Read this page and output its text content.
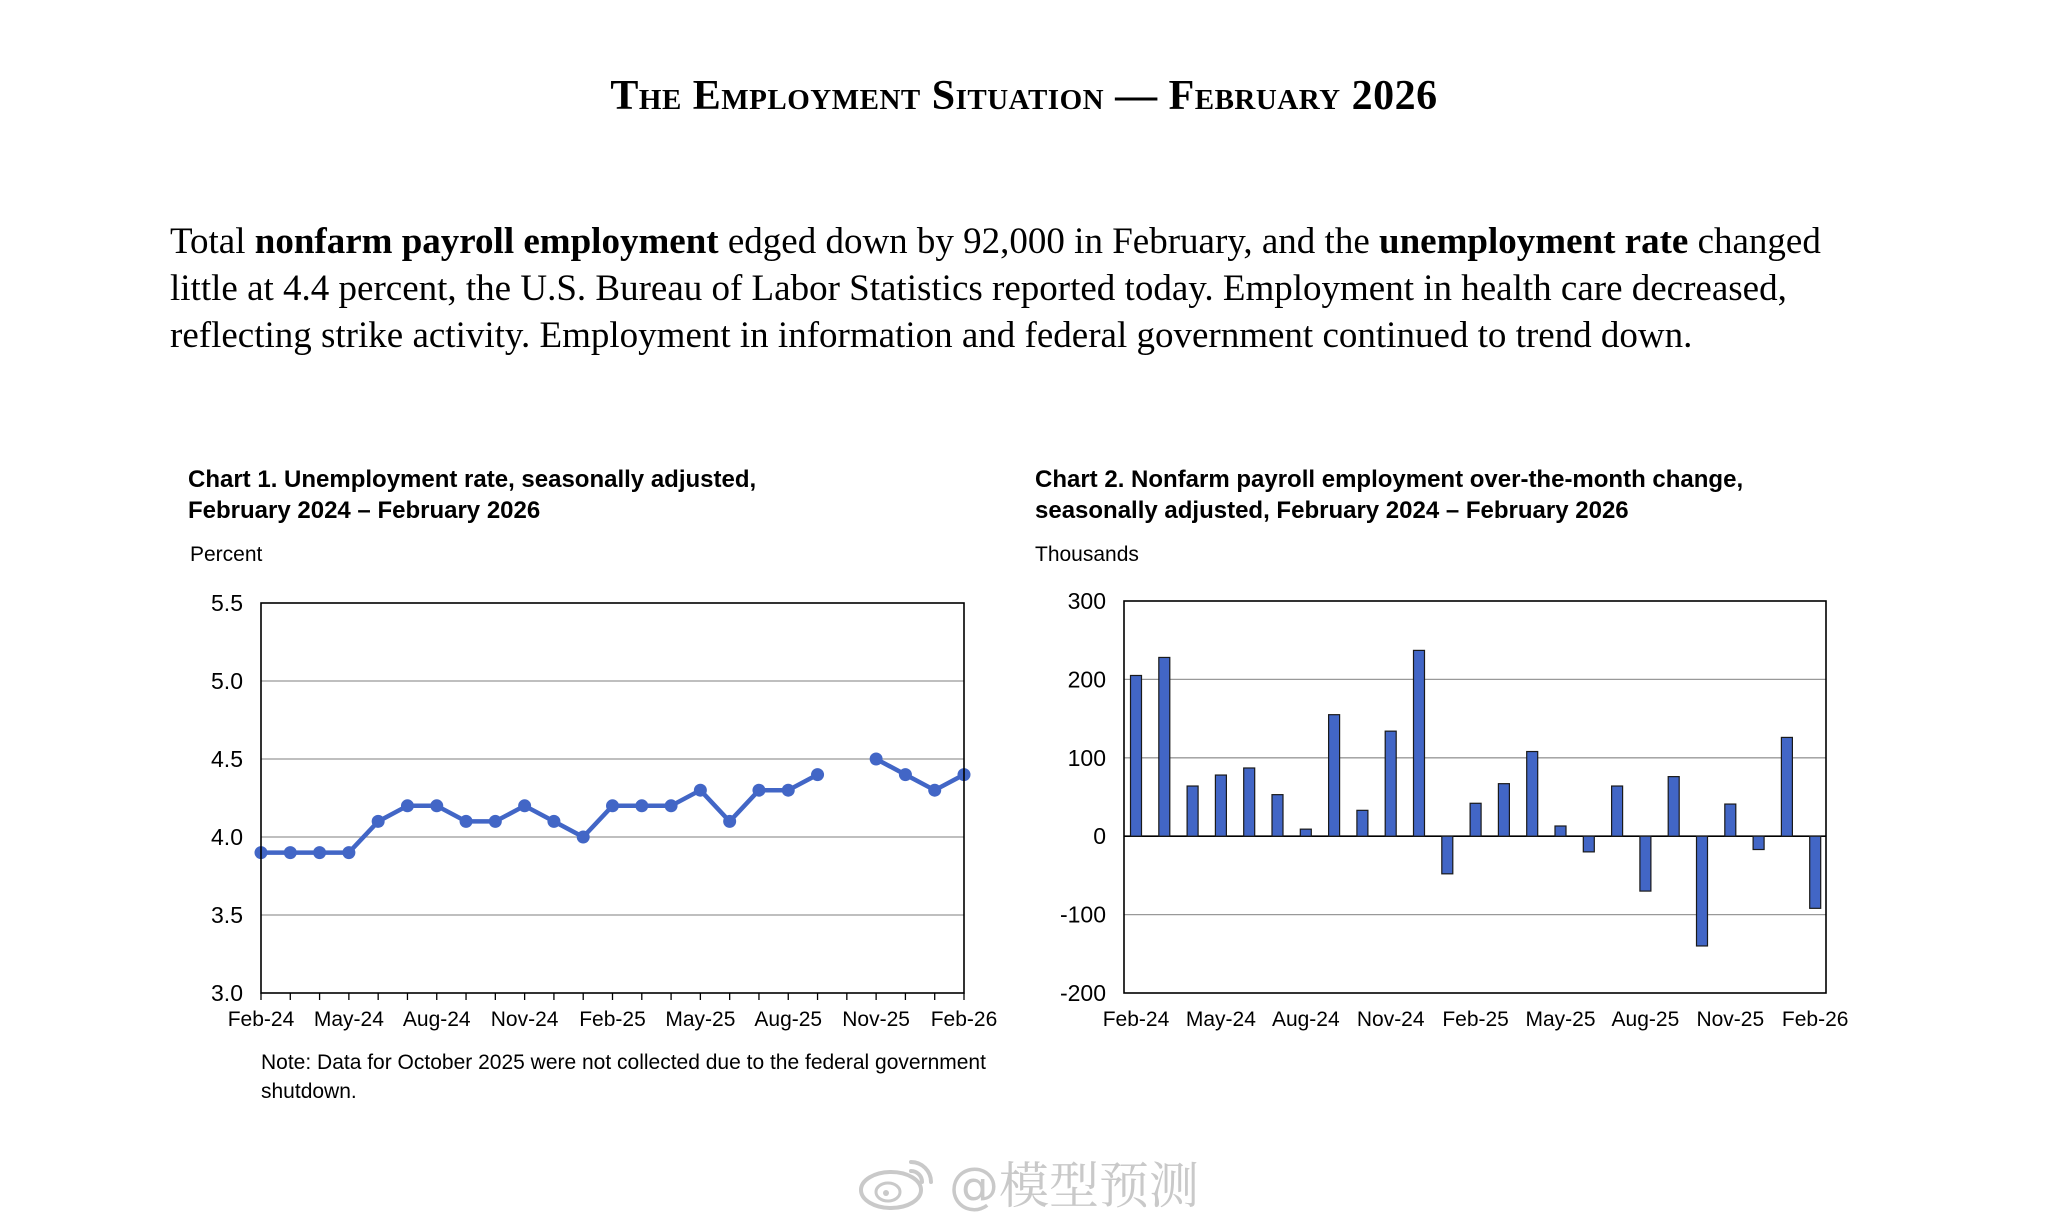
The Employment Situation — February 2026
Total nonfarm payroll employment edged down by 92,000 in February, and the unemployment rate changed little at 4.4 percent, the U.S. Bureau of Labor Statistics reported today. Employment in health care decreased, reflecting strike activity. Employment in information and federal government continued to trend down.
Chart 1. Unemployment rate, seasonally adjusted,
February 2024 – February 2026
Percent
Chart 2. Nonfarm payroll employment over-the-month change,
seasonally adjusted, February 2024 – February 2026
Thousands
3.0
3.5
4.0
4.5
5.0
5.5
Feb-24 May-24 Aug-24 Nov-24 Feb-25 May-25 Aug-25 Nov-25 Feb-26
-200
-100
0
100
200
300
Feb-24 May-24 Aug-24 Nov-24 Feb-25 May-25 Aug-25 Nov-25 Feb-26
Note: Data for October 2025 were not collected due to the federal government shutdown.
@模型预测
